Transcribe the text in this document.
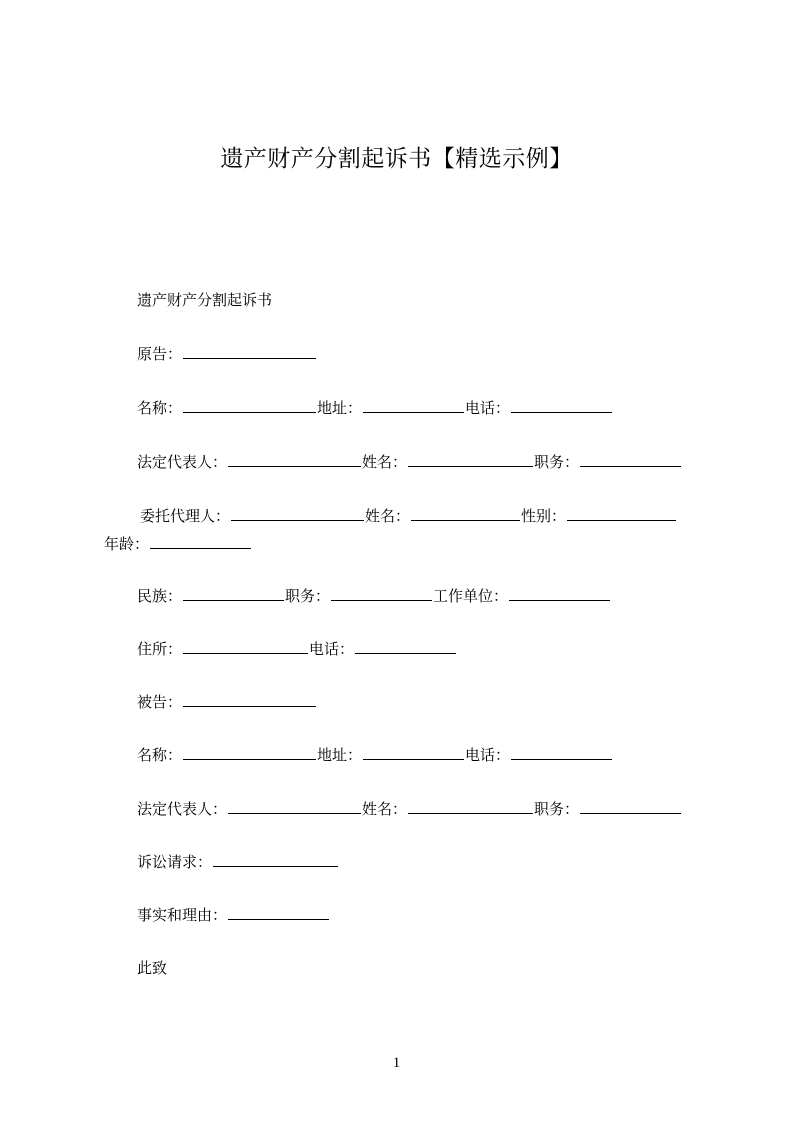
遗产财产分割起诉书【精选示例】
遗产财产分割起诉书
原告：
名称：	地址：	电话：
法定代表人：	姓名：	职务：
委托代理人：	姓名：	性别：
年龄：
民族：	职务：	工作单位：
住所：	电话：
被告：
名称：	地址：	电话：
法定代表人：	姓名：	职务：
诉讼请求：
事实和理由：
此致
1
